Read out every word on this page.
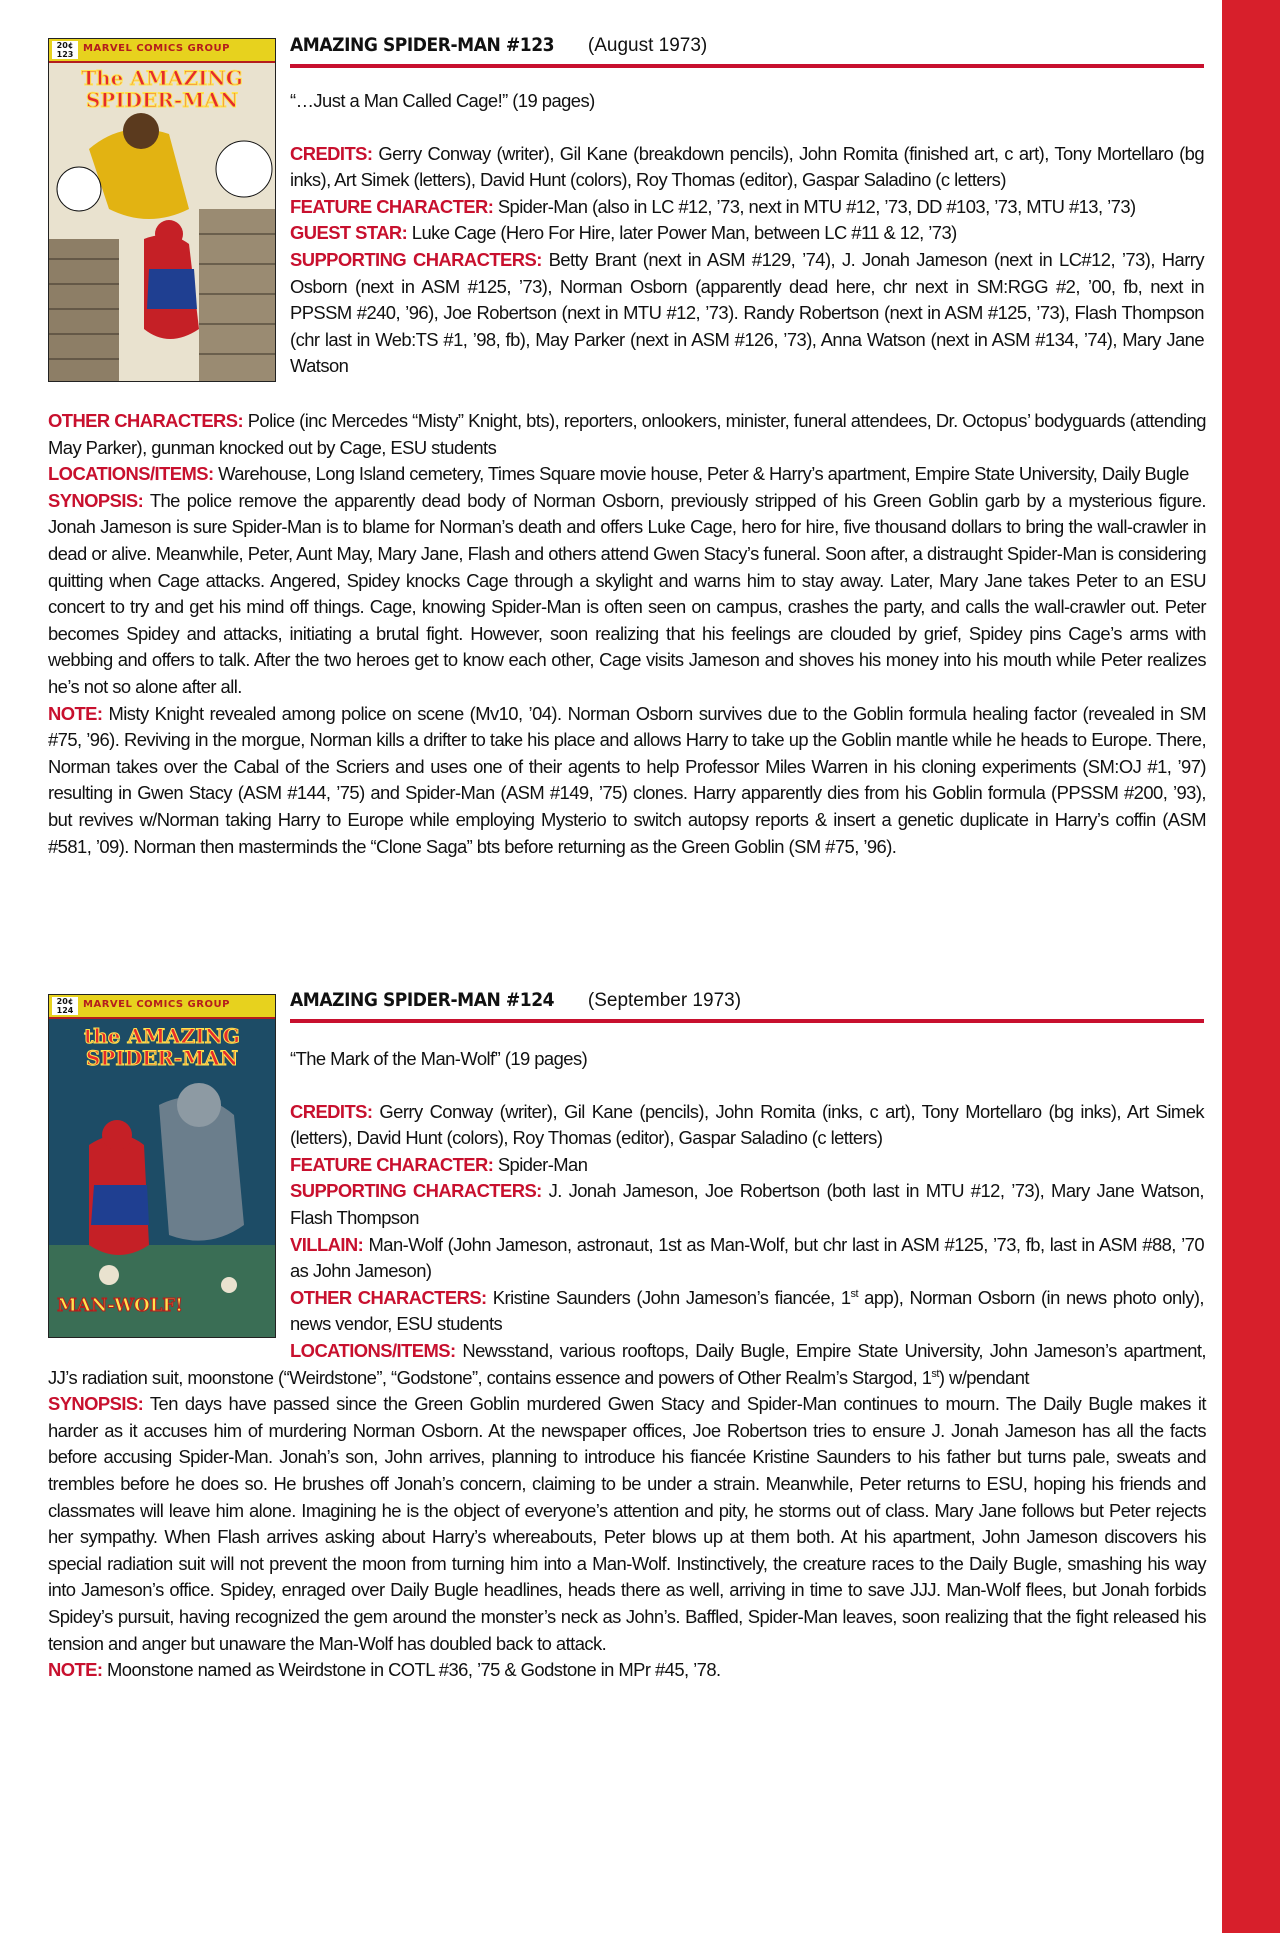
20¢ 123
MARVEL COMICS GROUP
The AMAZING SPIDER-MAN
AMAZING SPIDER-MAN #123 (August 1973)

“…Just a Man Called Cage!” (19 pages)

CREDITS: Gerry Conway (writer), Gil Kane (breakdown pencils), John Romita (finished art, c art), Tony Mortellaro (bg inks), Art Simek (letters), David Hunt (colors), Roy Thomas (editor), Gaspar Saladino (c letters)

FEATURE CHARACTER: Spider-Man (also in LC #12, ’73, next in MTU #12, ’73, DD #103, ’73, MTU #13, ’73)

GUEST STAR: Luke Cage (Hero For Hire, later Power Man, between LC #11 & 12, ’73)

SUPPORTING CHARACTERS: Betty Brant (next in ASM #129, ’74), J. Jonah Jameson (next in LC#12, ’73), Harry Osborn (next in ASM #125, ’73), Norman Osborn (apparently dead here, chr next in SM:RGG #2, ’00, fb, next in PPSSM #240, ’96), Joe Robertson (next in MTU #12, ’73). Randy Robertson (next in ASM #125, ’73), Flash Thompson (chr last in Web:TS #1, ’98, fb), May Parker (next in ASM #126, ’73), Anna Watson (next in ASM #134, ’74), Mary Jane Watson

OTHER CHARACTERS: Police (inc Mercedes “Misty” Knight, bts), reporters, onlookers, minister, funeral attendees, Dr. Octopus’ bodyguards (attending May Parker), gunman knocked out by Cage, ESU students

LOCATIONS/ITEMS: Warehouse, Long Island cemetery, Times Square movie house, Peter & Harry’s apartment, Empire State University, Daily Bugle

SYNOPSIS: The police remove the apparently dead body of Norman Osborn, previously stripped of his Green Goblin garb by a mysterious figure. Jonah Jameson is sure Spider-Man is to blame for Norman’s death and offers Luke Cage, hero for hire, five thousand dollars to bring the wall-crawler in dead or alive. Meanwhile, Peter, Aunt May, Mary Jane, Flash and others attend Gwen Stacy’s funeral. Soon after, a distraught Spider-Man is considering quitting when Cage attacks. Angered, Spidey knocks Cage through a skylight and warns him to stay away. Later, Mary Jane takes Peter to an ESU concert to try and get his mind off things. Cage, knowing Spider-Man is often seen on campus, crashes the party, and calls the wall-crawler out. Peter becomes Spidey and attacks, initiating a brutal fight. However, soon realizing that his feelings are clouded by grief, Spidey pins Cage’s arms with webbing and offers to talk. After the two heroes get to know each other, Cage visits Jameson and shoves his money into his mouth while Peter realizes he’s not so alone after all.

NOTE: Misty Knight revealed among police on scene (Mv10, ’04). Norman Osborn survives due to the Goblin formula healing factor (revealed in SM #75, ’96). Reviving in the morgue, Norman kills a drifter to take his place and allows Harry to take up the Goblin mantle while he heads to Europe. There, Norman takes over the Cabal of the Scriers and uses one of their agents to help Professor Miles Warren in his cloning experiments (SM:OJ #1, ’97) resulting in Gwen Stacy (ASM #144, ’75) and Spider-Man (ASM #149, ’75) clones. Harry apparently dies from his Goblin formula (PPSSM #200, ’93), but revives w/Norman taking Harry to Europe while employing Mysterio to switch autopsy reports & insert a genetic duplicate in Harry’s coffin (ASM #581, ’09). Norman then masterminds the “Clone Saga” bts before returning as the Green Goblin (SM #75, ’96).

20¢ 124
MARVEL COMICS GROUP
the AMAZING SPIDER-MAN
MAN-WOLF!
AMAZING SPIDER-MAN #124 (September 1973)

“The Mark of the Man-Wolf” (19 pages)

CREDITS: Gerry Conway (writer), Gil Kane (pencils), John Romita (inks, c art), Tony Mortellaro (bg inks), Art Simek (letters), David Hunt (colors), Roy Thomas (editor), Gaspar Saladino (c letters)

FEATURE CHARACTER: Spider-Man

SUPPORTING CHARACTERS: J. Jonah Jameson, Joe Robertson (both last in MTU #12, ’73), Mary Jane Watson, Flash Thompson

VILLAIN: Man-Wolf (John Jameson, astronaut, 1st as Man-Wolf, but chr last in ASM #125, ’73, fb, last in ASM #88, ’70 as John Jameson)

OTHER CHARACTERS: Kristine Saunders (John Jameson’s fiancée, 1st app), Norman Osborn (in news photo only), news vendor, ESU students

LOCATIONS/ITEMS: Newsstand, various rooftops, Daily Bugle, Empire State University, John Jameson’s apartment, JJ’s radiation suit, moonstone (“Weirdstone”, “Godstone”, contains essence and powers of Other Realm’s Stargod, 1st) w/pendant

SYNOPSIS: Ten days have passed since the Green Goblin murdered Gwen Stacy and Spider-Man continues to mourn. The Daily Bugle makes it harder as it accuses him of murdering Norman Osborn. At the newspaper offices, Joe Robertson tries to ensure J. Jonah Jameson has all the facts before accusing Spider-Man. Jonah’s son, John arrives, planning to introduce his fiancée Kristine Saunders to his father but turns pale, sweats and trembles before he does so. He brushes off Jonah’s concern, claiming to be under a strain. Meanwhile, Peter returns to ESU, hoping his friends and classmates will leave him alone. Imagining he is the object of everyone’s attention and pity, he storms out of class. Mary Jane follows but Peter rejects her sympathy. When Flash arrives asking about Harry’s whereabouts, Peter blows up at them both. At his apartment, John Jameson discovers his special radiation suit will not prevent the moon from turning him into a Man-Wolf. Instinctively, the creature races to the Daily Bugle, smashing his way into Jameson’s office. Spidey, enraged over Daily Bugle headlines, heads there as well, arriving in time to save JJJ. Man-Wolf flees, but Jonah forbids Spidey’s pursuit, having recognized the gem around the monster’s neck as John’s. Baffled, Spider-Man leaves, soon realizing that the fight released his tension and anger but unaware the Man-Wolf has doubled back to attack.

NOTE: Moonstone named as Weirdstone in COTL #36, ’75 & Godstone in MPr #45, ’78.
